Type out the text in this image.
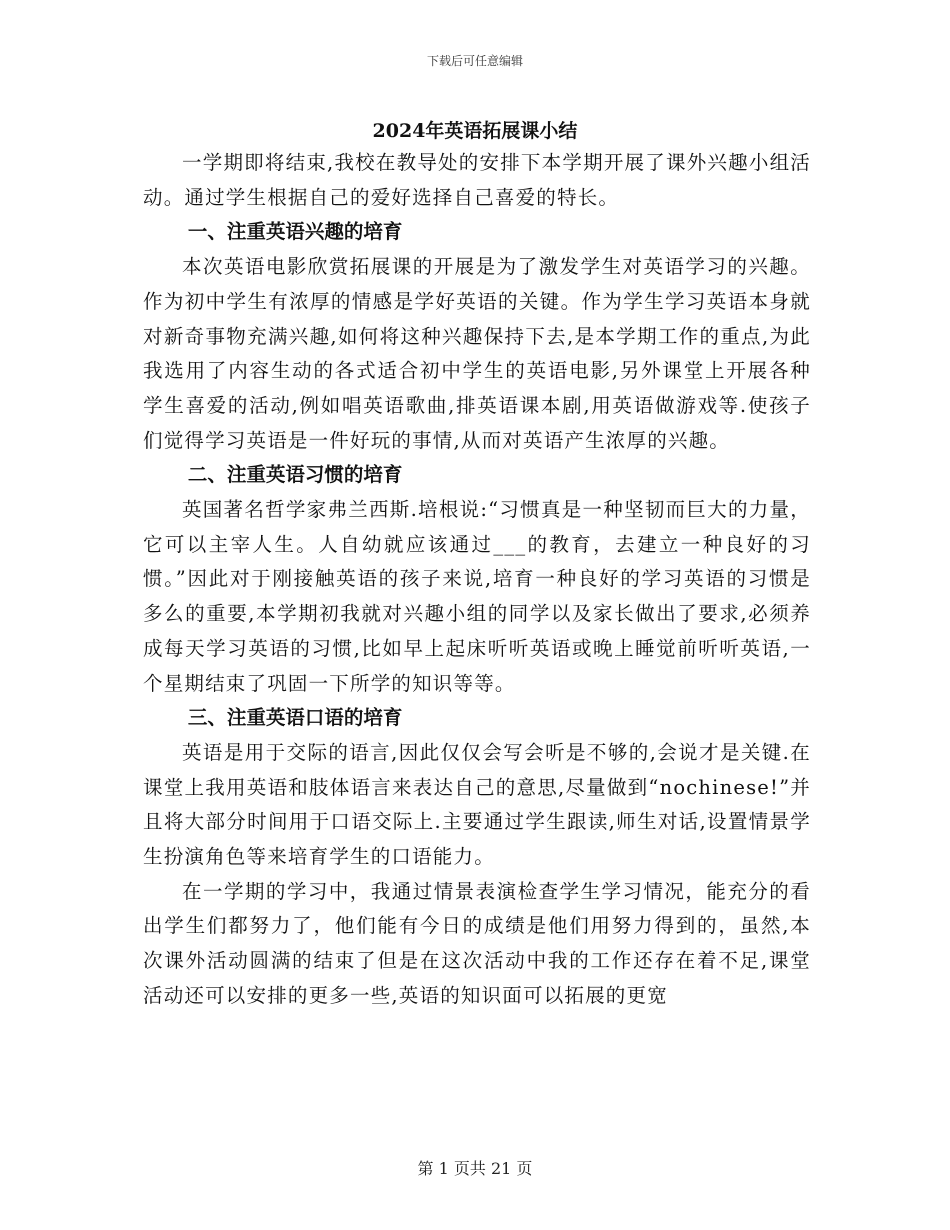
下载后可任意编辑
2024年英语拓展课小结

一学期即将结束,我校在教导处的安排下本学期开展了课外兴趣小组活动。通过学生根据自己的爱好选择自己喜爱的特长。

一、注重英语兴趣的培育

本次英语电影欣赏拓展课的开展是为了激发学生对英语学习的兴趣。作为初中学生有浓厚的情感是学好英语的关键。作为学生学习英语本身就对新奇事物充满兴趣,如何将这种兴趣保持下去,是本学期工作的重点,为此我选用了内容生动的各式适合初中学生的英语电影,另外课堂上开展各种学生喜爱的活动,例如唱英语歌曲,排英语课本剧,用英语做游戏等.使孩子们觉得学习英语是一件好玩的事情,从而对英语产生浓厚的兴趣。

二、注重英语习惯的培育

英国著名哲学家弗兰西斯.培根说:“习惯真是一种坚韧而巨大的力量，它可以主宰人生。人自幼就应该通过___的教育，去建立一种良好的习惯。”因此对于刚接触英语的孩子来说,培育一种良好的学习英语的习惯是多么的重要,本学期初我就对兴趣小组的同学以及家长做出了要求,必须养成每天学习英语的习惯,比如早上起床听听英语或晚上睡觉前听听英语,一个星期结束了巩固一下所学的知识等等。

三、注重英语口语的培育

英语是用于交际的语言,因此仅仅会写会听是不够的,会说才是关键.在课堂上我用英语和肢体语言来表达自己的意思,尽量做到“nochinese!”并且将大部分时间用于口语交际上.主要通过学生跟读,师生对话,设置情景学生扮演角色等来培育学生的口语能力。

在一学期的学习中，我通过情景表演检查学生学习情况，能充分的看出学生们都努力了，他们能有今日的成绩是他们用努力得到的，虽然,本次课外活动圆满的结束了但是在这次活动中我的工作还存在着不足,课堂活动还可以安排的更多一些,英语的知识面可以拓展的更宽

第 1 页共 21 页
